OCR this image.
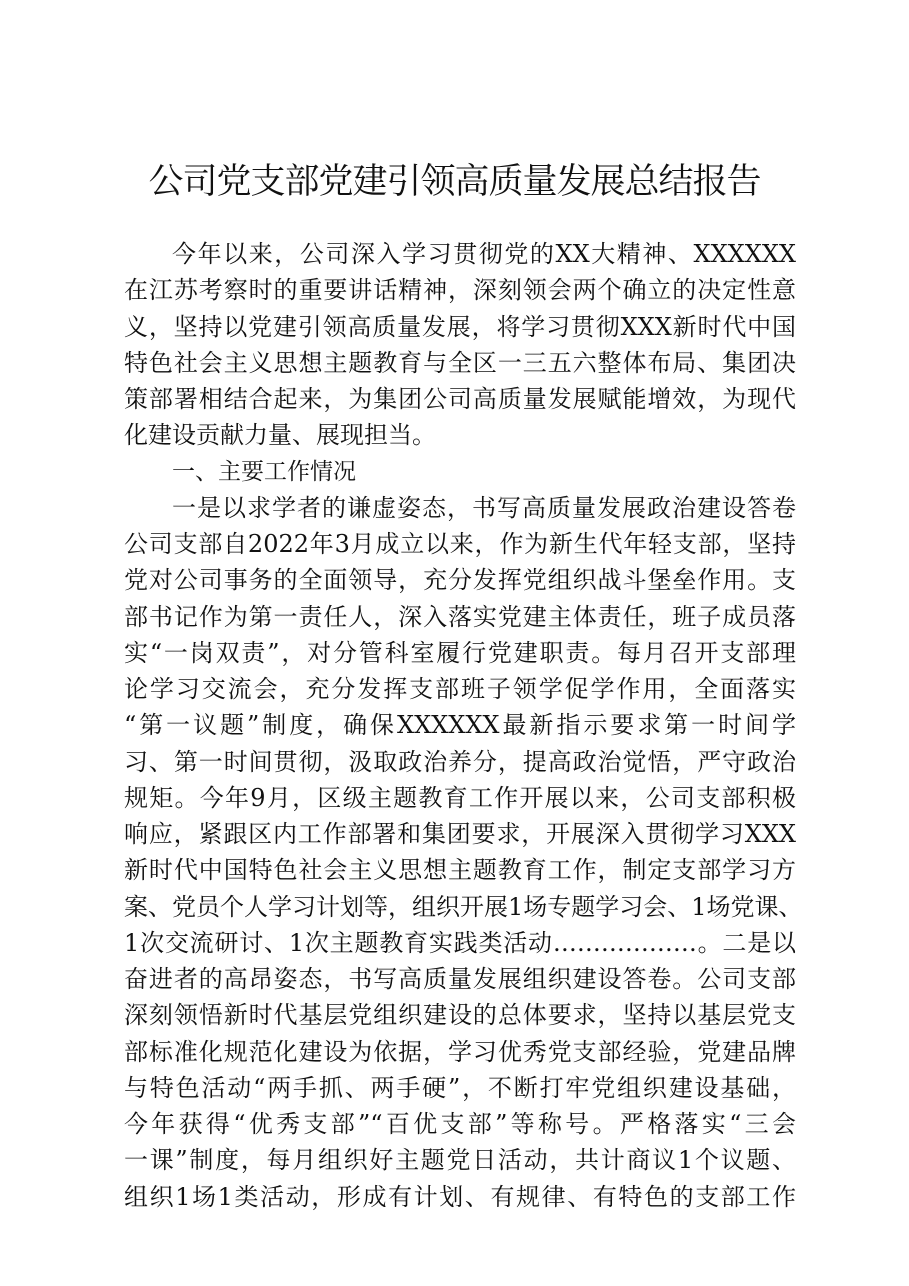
公司党支部党建引领高质量发展总结报告
今年以来，公司深入学习贯彻党的XX大精神、XXXXXX
在江苏考察时的重要讲话精神，深刻领会两个确立的决定性意
义，坚持以党建引领高质量发展，将学习贯彻XXX新时代中国
特色社会主义思想主题教育与全区一三五六整体布局、集团决
策部署相结合起来，为集团公司高质量发展赋能增效，为现代
化建设贡献力量、展现担当。
一、主要工作情况
一是以求学者的谦虚姿态，书写高质量发展政治建设答卷
公司支部自2022年3月成立以来，作为新生代年轻支部，坚持
党对公司事务的全面领导，充分发挥党组织战斗堡垒作用。支
部书记作为第一责任人，深入落实党建主体责任，班子成员落
实“一岗双责”，对分管科室履行党建职责。每月召开支部理
论学习交流会，充分发挥支部班子领学促学作用，全面落实
“第一议题”制度，确保XXXXXX最新指示要求第一时间学
习、第一时间贯彻，汲取政治养分，提高政治觉悟，严守政治
规矩。今年9月，区级主题教育工作开展以来，公司支部积极
响应，紧跟区内工作部署和集团要求，开展深入贯彻学习XXX
新时代中国特色社会主义思想主题教育工作，制定支部学习方
案、党员个人学习计划等，组织开展1场专题学习会、1场党课、
1次交流研讨、1次主题教育实践类活动………………。二是以
奋进者的高昂姿态，书写高质量发展组织建设答卷。公司支部
深刻领悟新时代基层党组织建设的总体要求，坚持以基层党支
部标准化规范化建设为依据，学习优秀党支部经验，党建品牌
与特色活动“两手抓、两手硬”，不断打牢党组织建设基础，
今年获得“优秀支部”“百优支部”等称号。严格落实“三会
一课”制度，每月组织好主题党日活动，共计商议1个议题、
组织1场1类活动，形成有计划、有规律、有特色的支部工作
